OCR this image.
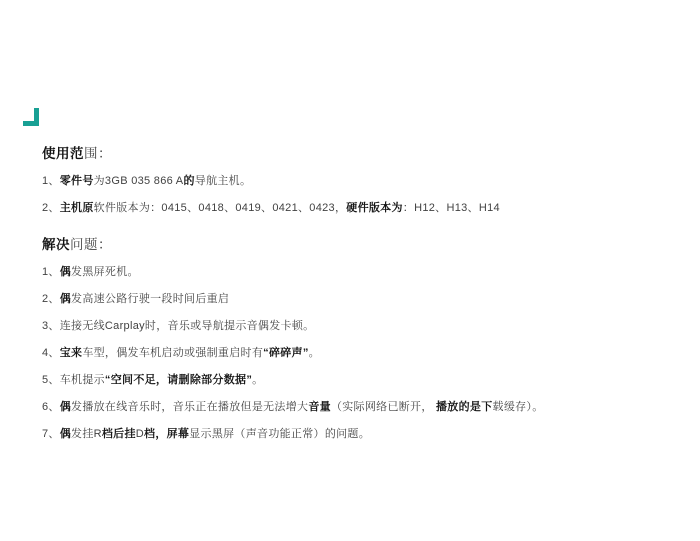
使用范围：

1、零件号为3GB 035 866 A的导航主机。

2、主机原软件版本为：0415、0418、0419、0421、0423，硬件版本为：H12、H13、H14

解决问题：

1、偶发黑屏死机。

2、偶发高速公路行驶一段时间后重启

3、连接无线Carplay时，音乐或导航提示音偶发卡顿。

4、宝来车型，偶发车机启动或强制重启时有“碎碎声”。

5、车机提示“空间不足，请删除部分数据”。

6、偶发播放在线音乐时，音乐正在播放但是无法增大音量（实际网络已断开， 播放的是下载缓存）。

7、偶发挂R档后挂D档，屏幕显示黑屏（声音功能正常）的问题。
